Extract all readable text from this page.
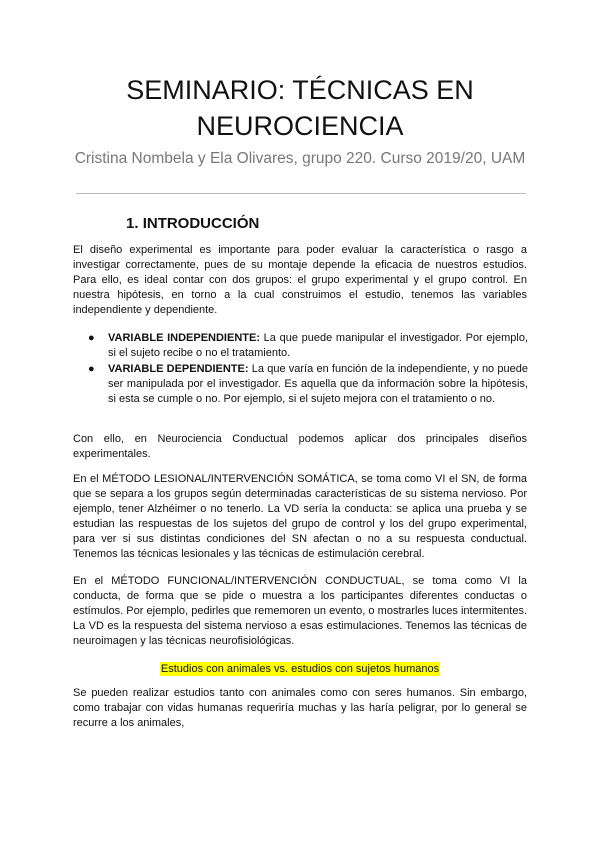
SEMINARIO: TÉCNICAS EN
NEUROCIENCIA
Cristina Nombela y Ela Olivares, grupo 220. Curso 2019/20, UAM
1. INTRODUCCIÓN
El diseño experimental es importante para poder evaluar la característica o rasgo a investigar correctamente, pues de su montaje depende la eficacia de nuestros estudios. Para ello, es ideal contar con dos grupos: el grupo experimental y el grupo control. En nuestra hipótesis, en torno a la cual construimos el estudio, tenemos las variables independiente y dependiente.
● VARIABLE INDEPENDIENTE: La que puede manipular el investigador. Por ejemplo, si el sujeto recibe o no el tratamiento.
● VARIABLE DEPENDIENTE: La que varía en función de la independiente, y no puede ser manipulada por el investigador. Es aquella que da información sobre la hipótesis, si esta se cumple o no. Por ejemplo, si el sujeto mejora con el tratamiento o no.
Con ello, en Neurociencia Conductual podemos aplicar dos principales diseños experimentales.
En el MÉTODO LESIONAL/INTERVENCIÓN SOMÁTICA, se toma como VI el SN, de forma que se separa a los grupos según determinadas características de su sistema nervioso. Por ejemplo, tener Alzhéimer o no tenerlo. La VD sería la conducta: se aplica una prueba y se estudian las respuestas de los sujetos del grupo de control y los del grupo experimental, para ver si sus distintas condiciones del SN afectan o no a su respuesta conductual. Tenemos las técnicas lesionales y las técnicas de estimulación cerebral.
En el MÉTODO FUNCIONAL/INTERVENCIÓN CONDUCTUAL, se toma como VI la conducta, de forma que se pide o muestra a los participantes diferentes conductas o estímulos. Por ejemplo, pedirles que rememoren un evento, o mostrarles luces intermitentes. La VD es la respuesta del sistema nervioso a esas estimulaciones. Tenemos las técnicas de neuroimagen y las técnicas neurofisiológicas.
Estudios con animales vs. estudios con sujetos humanos
Se pueden realizar estudios tanto con animales como con seres humanos. Sin embargo, como trabajar con vidas humanas requeriría muchas y las haría peligrar, por lo general se recurre a los animales,
